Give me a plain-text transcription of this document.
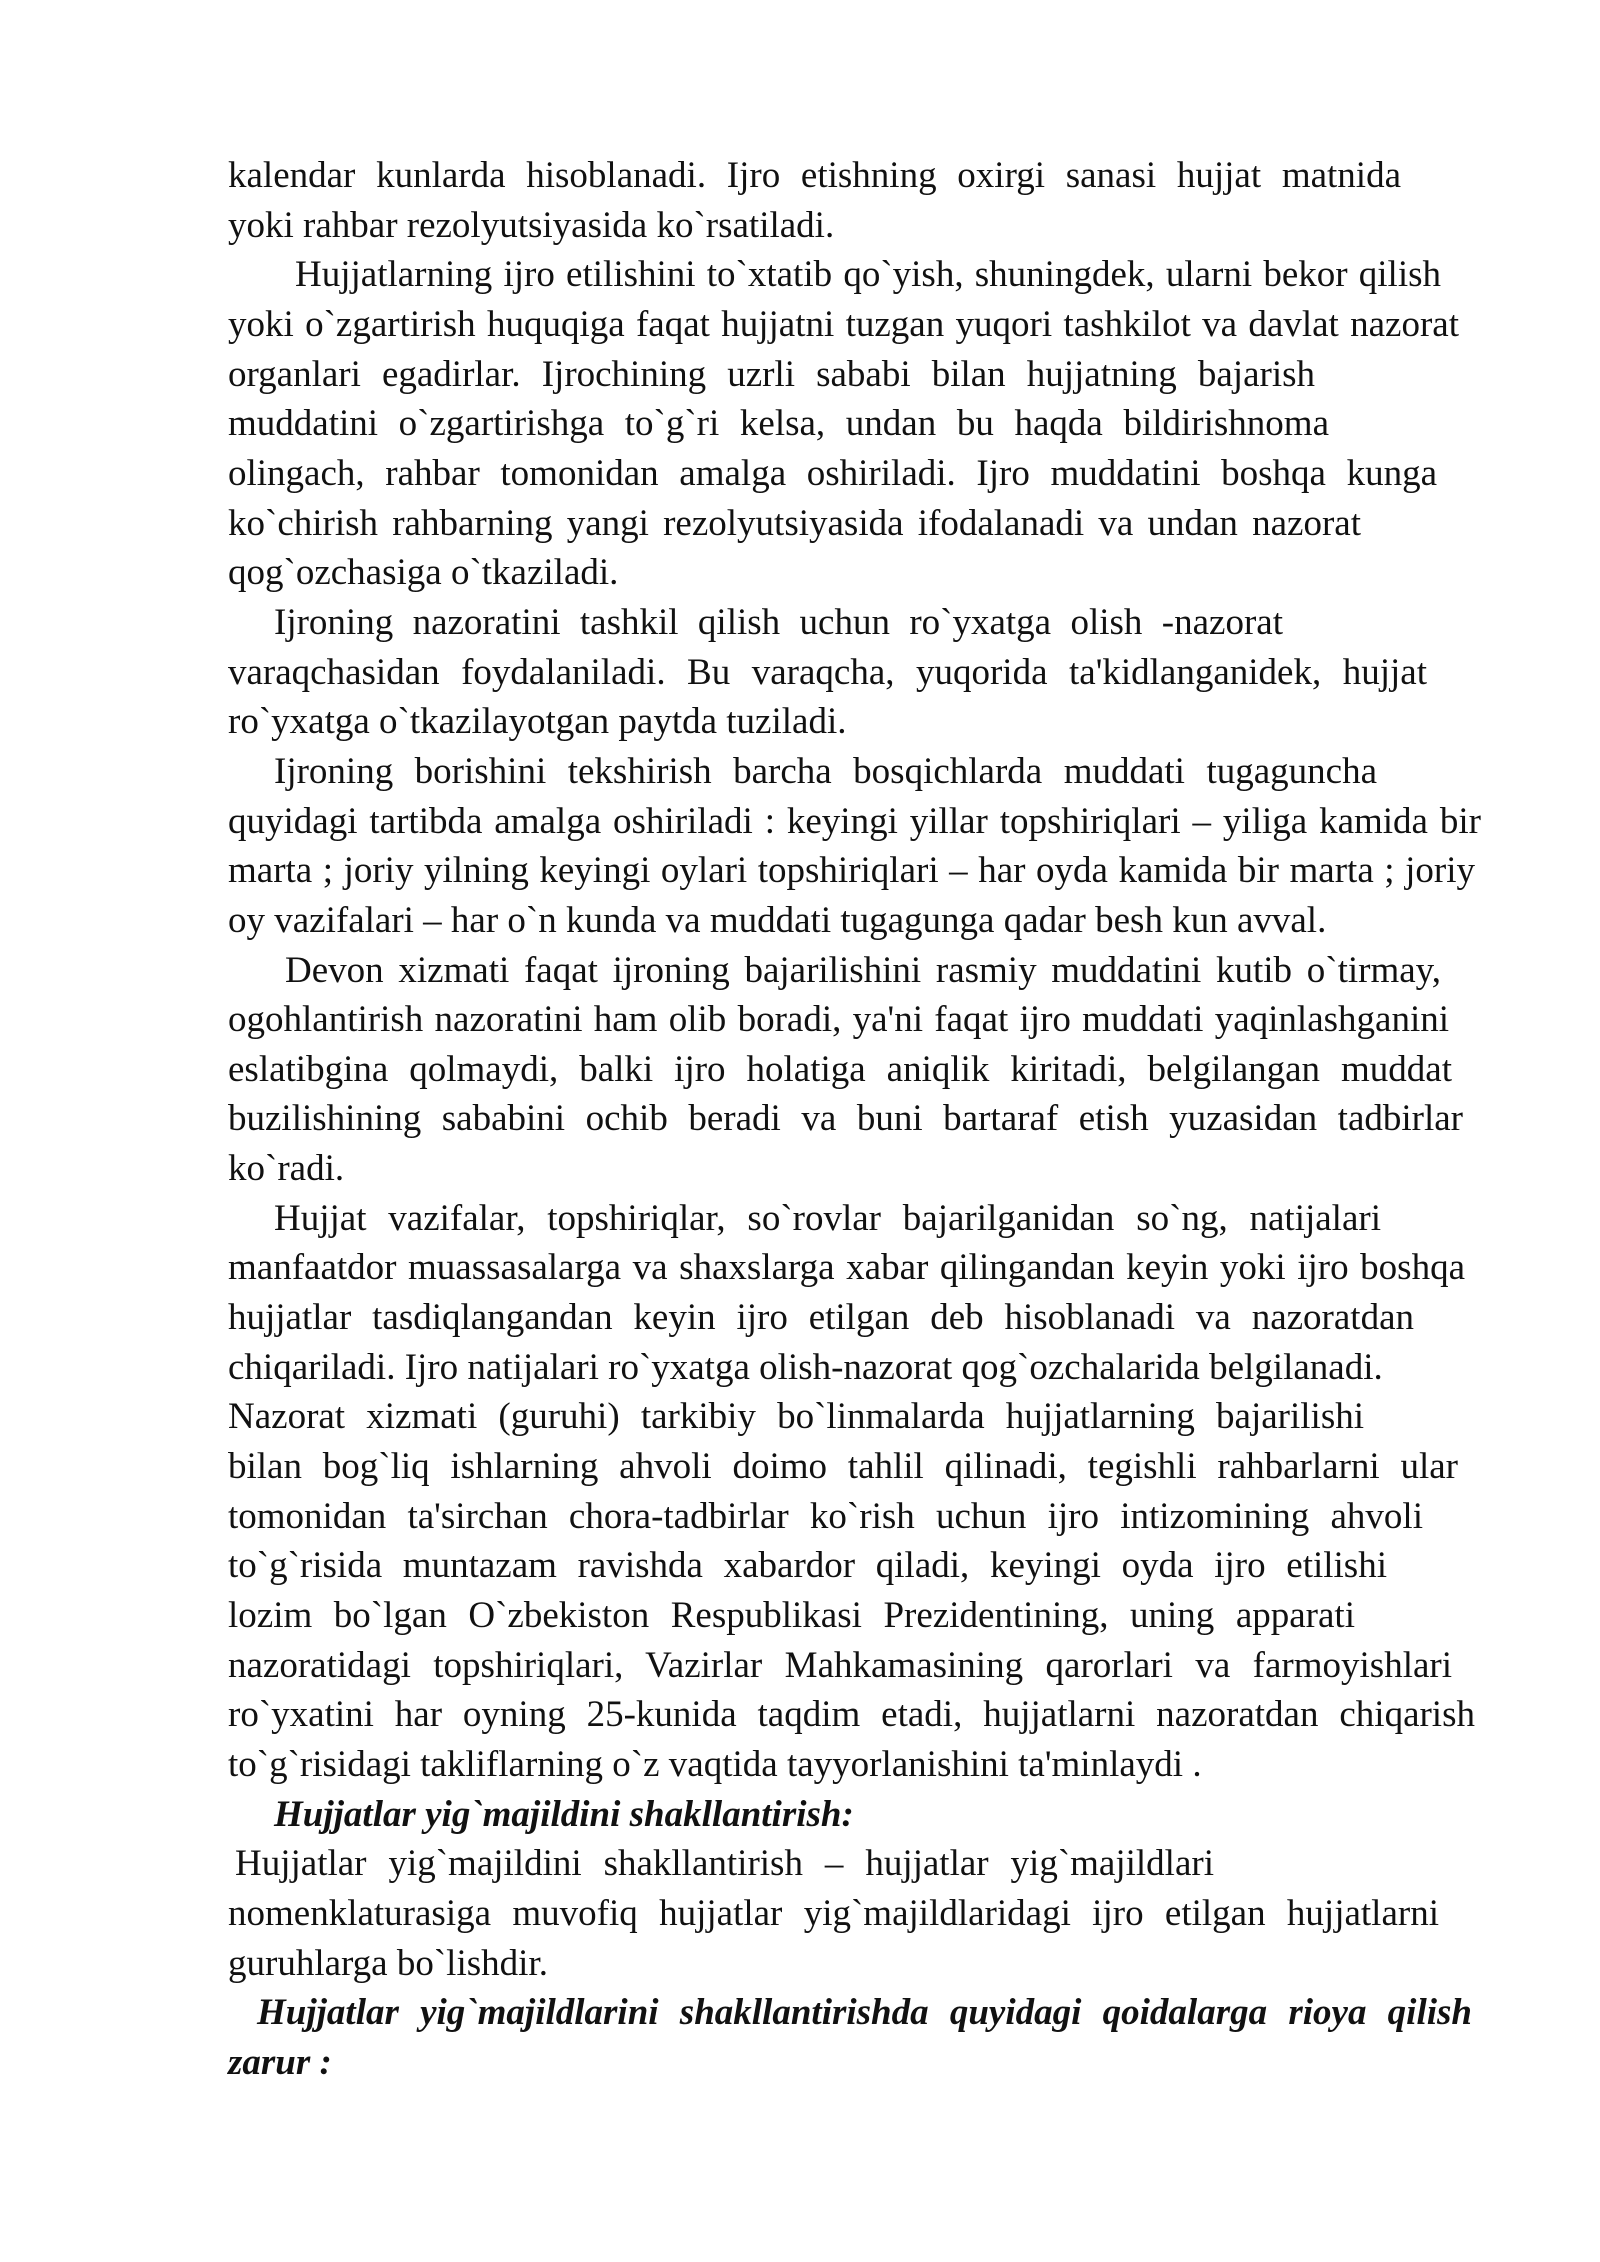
kalendar kunlarda hisoblanadi. Ijro etishning oxirgi sanasi hujjat matnida
yoki rahbar rezolyutsiyasida ko`rsatiladi.
Hujjatlarning ijro etilishini to`xtatib qo`yish, shuningdek, ularni bekor qilish
yoki o`zgartirish huquqiga faqat hujjatni tuzgan yuqori tashkilot va davlat nazorat
organlari egadirlar. Ijrochining uzrli sababi bilan hujjatning bajarish
muddatini o`zgartirishga to`g`ri kelsa, undan bu haqda bildirishnoma
olingach, rahbar tomonidan amalga oshiriladi. Ijro muddatini boshqa kunga
ko`chirish rahbarning yangi rezolyutsiyasida ifodalanadi va undan nazorat
qog`ozchasiga o`tkaziladi.
Ijroning nazoratini tashkil qilish uchun ro`yxatga olish -nazorat
varaqchasidan foydalaniladi. Bu varaqcha, yuqorida ta'kidlanganidek, hujjat
ro`yxatga o`tkazilayotgan paytda tuziladi.
Ijroning borishini tekshirish barcha bosqichlarda muddati tugaguncha
quyidagi tartibda amalga oshiriladi : keyingi yillar topshiriqlari – yiliga kamida bir
marta ; joriy yilning keyingi oylari topshiriqlari – har oyda kamida bir marta ; joriy
oy vazifalari – har o`n kunda va muddati tugagunga qadar besh kun avval.
Devon xizmati faqat ijroning bajarilishini rasmiy muddatini kutib o`tirmay,
ogohlantirish nazoratini ham olib boradi, ya'ni faqat ijro muddati yaqinlashganini
eslatibgina qolmaydi, balki ijro holatiga aniqlik kiritadi, belgilangan muddat
buzilishining sababini ochib beradi va buni bartaraf etish yuzasidan tadbirlar
ko`radi.
Hujjat vazifalar, topshiriqlar, so`rovlar bajarilganidan so`ng, natijalari
manfaatdor muassasalarga va shaxslarga xabar qilingandan keyin yoki ijro boshqa
hujjatlar tasdiqlangandan keyin ijro etilgan deb hisoblanadi va nazoratdan
chiqariladi. Ijro natijalari ro`yxatga olish-nazorat qog`ozchalarida belgilanadi.
Nazorat xizmati (guruhi) tarkibiy bo`linmalarda hujjatlarning bajarilishi
bilan bog`liq ishlarning ahvoli doimo tahlil qilinadi, tegishli rahbarlarni ular
tomonidan ta'sirchan chora-tadbirlar ko`rish uchun ijro intizomining ahvoli
to`g`risida muntazam ravishda xabardor qiladi, keyingi oyda ijro etilishi
lozim bo`lgan O`zbekiston Respublikasi Prezidentining, uning apparati
nazoratidagi topshiriqlari, Vazirlar Mahkamasining qarorlari va farmoyishlari
ro`yxatini har oyning 25-kunida taqdim etadi, hujjatlarni nazoratdan chiqarish
to`g`risidagi takliflarning o`z vaqtida tayyorlanishini ta'minlaydi .
Hujjatlar yig`majildini shakllantirish:
Hujjatlar yig`majildini shakllantirish – hujjatlar yig`majildlari
nomenklaturasiga muvofiq hujjatlar yig`majildlaridagi ijro etilgan hujjatlarni
guruhlarga bo`lishdir.
Hujjatlar yig`majildlarini shakllantirishda quyidagi qoidalarga rioya qilish
zarur :
